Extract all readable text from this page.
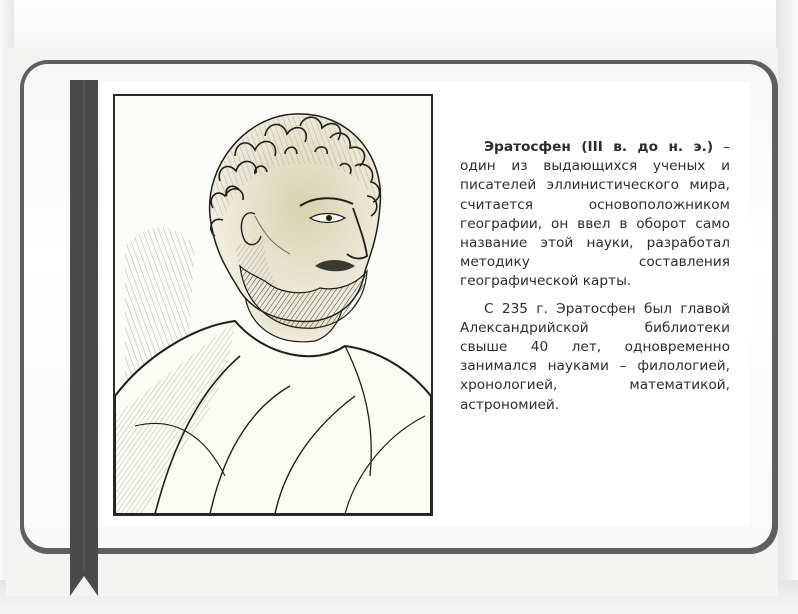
Эратосфен (III в. до н. э.) – один из выдающихся ученых и писателей эллинистического мира, считается основоположником географии, он ввел в оборот само название этой науки, разработал методику составления географической карты.

С 235 г. Эратосфен был главой Александрийской библиотеки свыше 40 лет, одновременно занимался науками – филологией, хронологией, математикой, астрономией.
